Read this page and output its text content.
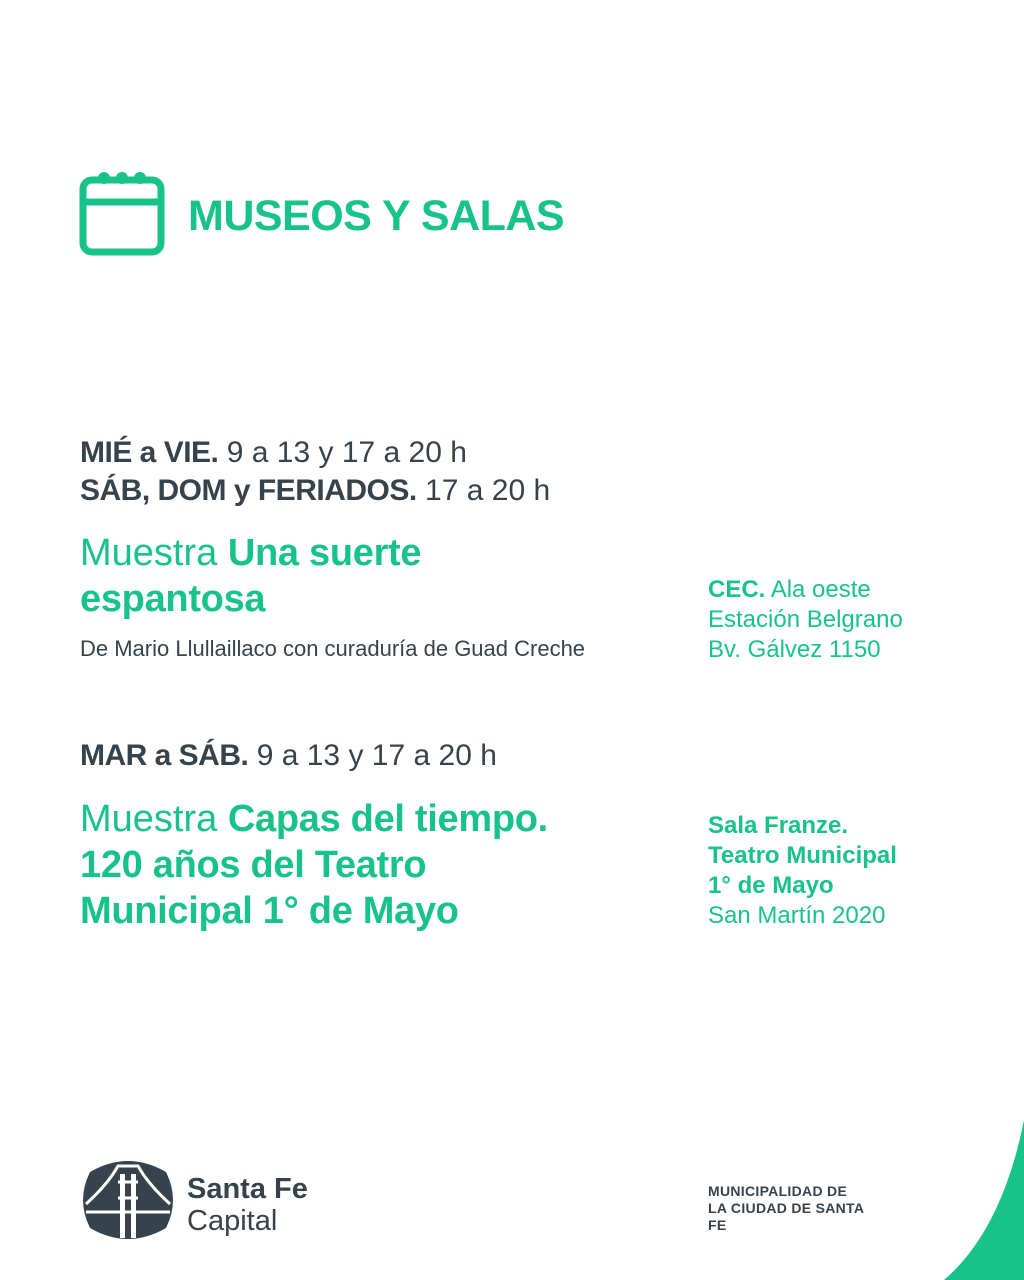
MUSEOS Y SALAS
MIÉ a VIE. 9 a 13 y 17 a 20 h
SÁB, DOM y FERIADOS. 17 a 20 h
Muestra Una suerte
espantosa
De Mario Llullaillaco con curaduría de Guad Creche
CEC. Ala oeste
Estación Belgrano
Bv. Gálvez 1150
MAR a SÁB. 9 a 13 y 17 a 20 h
Muestra Capas del tiempo.
120 años del Teatro
Municipal 1° de Mayo
Sala Franze.
Teatro Municipal
1° de Mayo
San Martín 2020
Santa Fe
Capital
MUNICIPALIDAD DE LA CIUDAD DE SANTA FE
